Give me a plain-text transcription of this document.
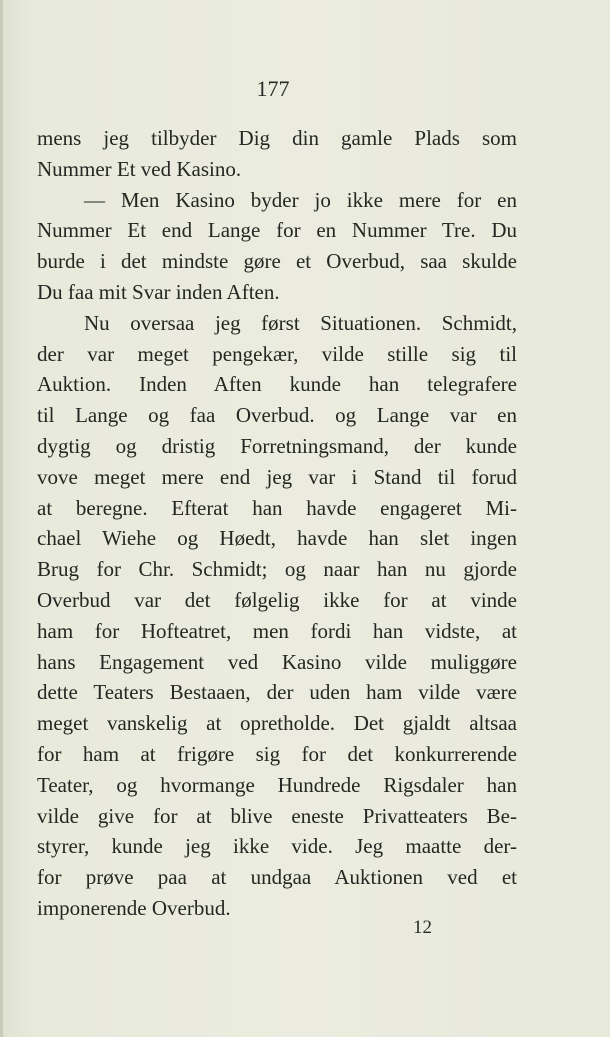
177
mens jeg tilbyder Dig din gamle Plads som
Nummer Et ved Kasino.
— Men Kasino byder jo ikke mere for en
Nummer Et end Lange for en Nummer Tre. Du
burde i det mindste gøre et Overbud, saa skulde
Du faa mit Svar inden Aften.
Nu oversaa jeg først Situationen. Schmidt,
der var meget pengekær, vilde stille sig til
Auktion. Inden Aften kunde han telegrafere
til Lange og faa Overbud. og Lange var en
dygtig og dristig Forretningsmand, der kunde
vove meget mere end jeg var i Stand til forud
at beregne. Efterat han havde engageret Mi-
chael Wiehe og Høedt, havde han slet ingen
Brug for Chr. Schmidt; og naar han nu gjorde
Overbud var det følgelig ikke for at vinde
ham for Hofteatret, men fordi han vidste, at
hans Engagement ved Kasino vilde muliggøre
dette Teaters Bestaaen, der uden ham vilde være
meget vanskelig at opretholde. Det gjaldt altsaa
for ham at frigøre sig for det konkurrerende
Teater, og hvormange Hundrede Rigsdaler han
vilde give for at blive eneste Privatteaters Be-
styrer, kunde jeg ikke vide. Jeg maatte der-
for prøve paa at undgaa Auktionen ved et
imponerende Overbud.
12
